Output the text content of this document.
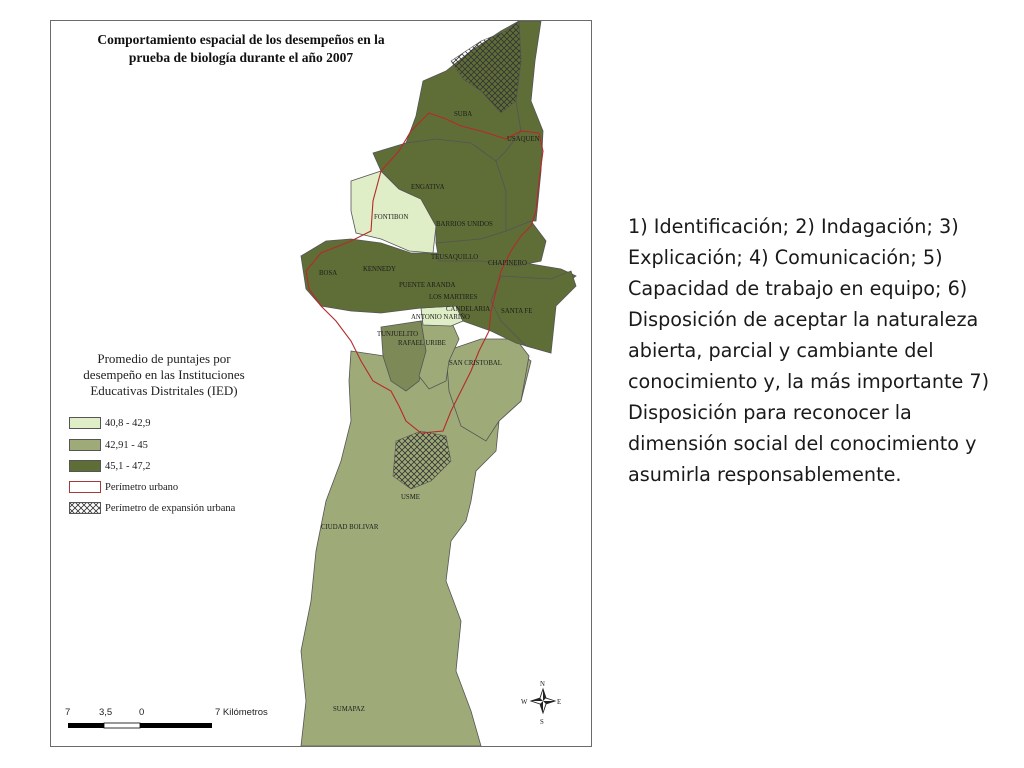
SUBA
USAQUEN
ENGATIVA
FONTIBON
BARRIOS UNIDOS
TEUSAQUILLO
CHAPINERO
BOSA
KENNEDY
PUENTE ARANDA
LOS MARTIRES
CANDELARIA SANTA FE
ANTONIO NARIÑO
TUNJUELITO
RAFAEL URIBE
SAN CRISTOBAL
USME
CIUDAD BOLIVAR
SUMAPAZ
N
S
E
W
Comportamiento espacial de los desempeños en la
prueba de biología durante el año 2007
Promedio de puntajes por
desempeño en las Instituciones
Educativas Distritales (IED)
40,8 - 42,9
42,91 - 45
45,1 - 47,2
Perímetro urbano
Perímetro de expansión urbana
7	3,5	0	7 Kilómetros
1) Identificación; 2) Indagación; 3) Explicación; 4) Comunicación; 5) Capacidad de trabajo en equipo; 6) Disposición de aceptar la naturaleza abierta, parcial y cambiante del conocimiento y, la más importante 7) Disposición para reconocer la dimensión social del conocimiento y asumirla responsablemente.
